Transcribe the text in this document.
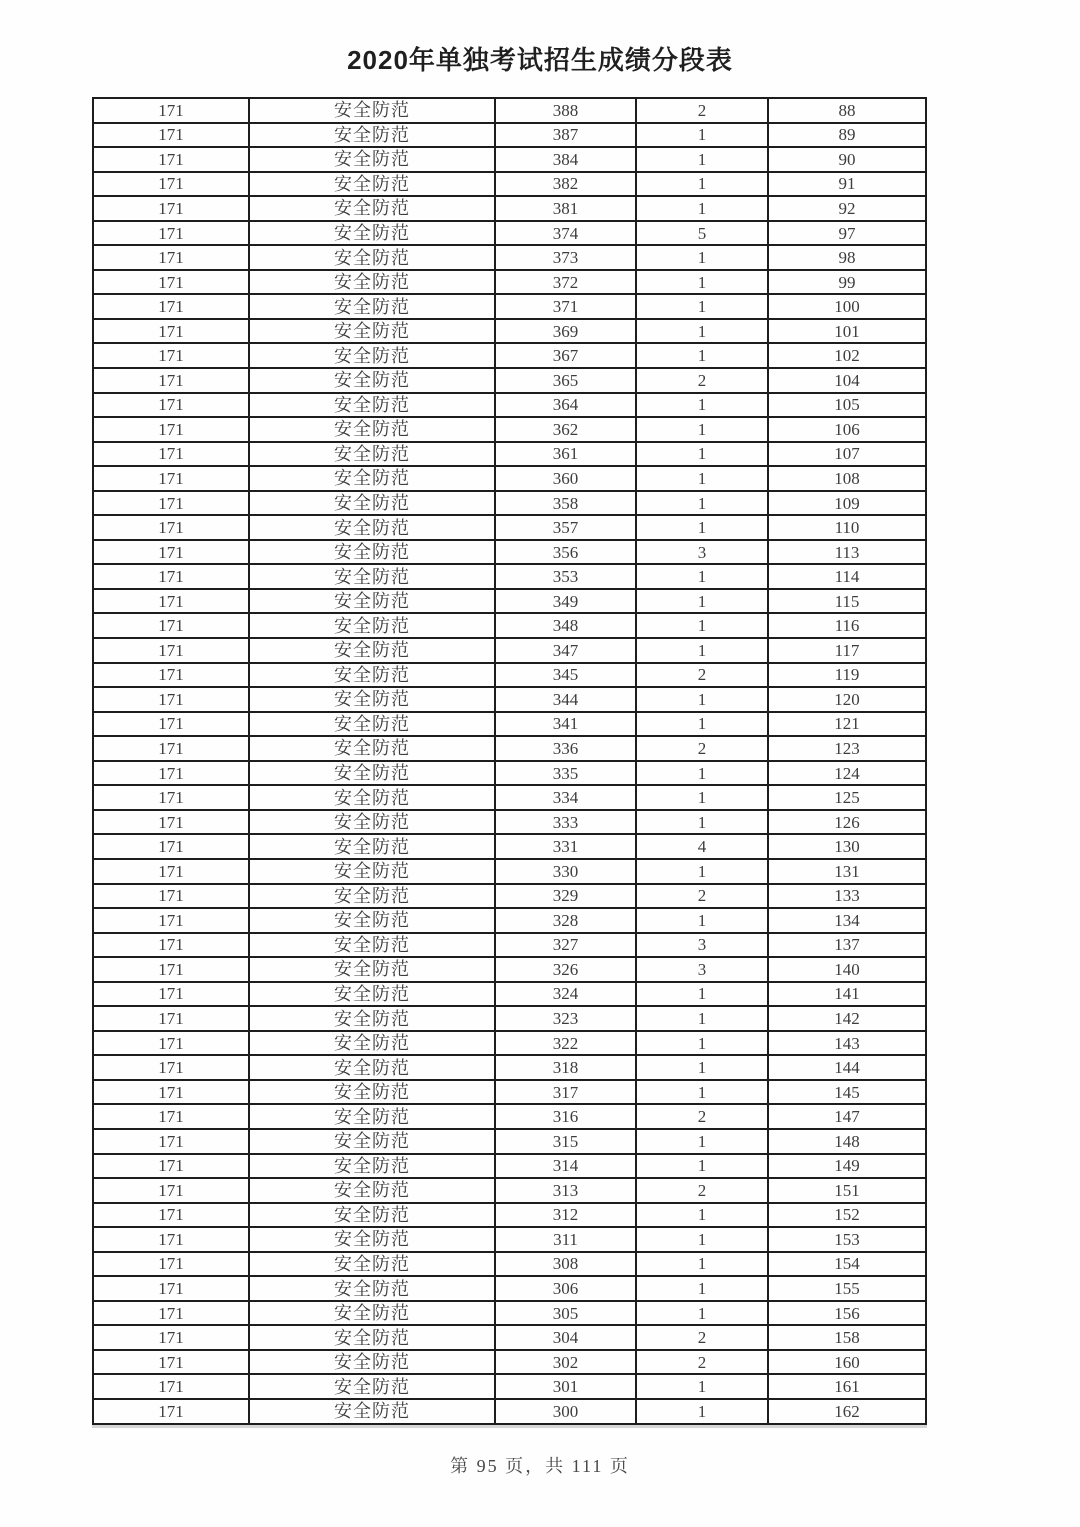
2020年单独考试招生成绩分段表
171	安全防范	388	2	88
171	安全防范	387	1	89
171	安全防范	384	1	90
171	安全防范	382	1	91
171	安全防范	381	1	92
171	安全防范	374	5	97
171	安全防范	373	1	98
171	安全防范	372	1	99
171	安全防范	371	1	100
171	安全防范	369	1	101
171	安全防范	367	1	102
171	安全防范	365	2	104
171	安全防范	364	1	105
171	安全防范	362	1	106
171	安全防范	361	1	107
171	安全防范	360	1	108
171	安全防范	358	1	109
171	安全防范	357	1	110
171	安全防范	356	3	113
171	安全防范	353	1	114
171	安全防范	349	1	115
171	安全防范	348	1	116
171	安全防范	347	1	117
171	安全防范	345	2	119
171	安全防范	344	1	120
171	安全防范	341	1	121
171	安全防范	336	2	123
171	安全防范	335	1	124
171	安全防范	334	1	125
171	安全防范	333	1	126
171	安全防范	331	4	130
171	安全防范	330	1	131
171	安全防范	329	2	133
171	安全防范	328	1	134
171	安全防范	327	3	137
171	安全防范	326	3	140
171	安全防范	324	1	141
171	安全防范	323	1	142
171	安全防范	322	1	143
171	安全防范	318	1	144
171	安全防范	317	1	145
171	安全防范	316	2	147
171	安全防范	315	1	148
171	安全防范	314	1	149
171	安全防范	313	2	151
171	安全防范	312	1	152
171	安全防范	311	1	153
171	安全防范	308	1	154
171	安全防范	306	1	155
171	安全防范	305	1	156
171	安全防范	304	2	158
171	安全防范	302	2	160
171	安全防范	301	1	161
171	安全防范	300	1	162
第 95 页，共 111 页
